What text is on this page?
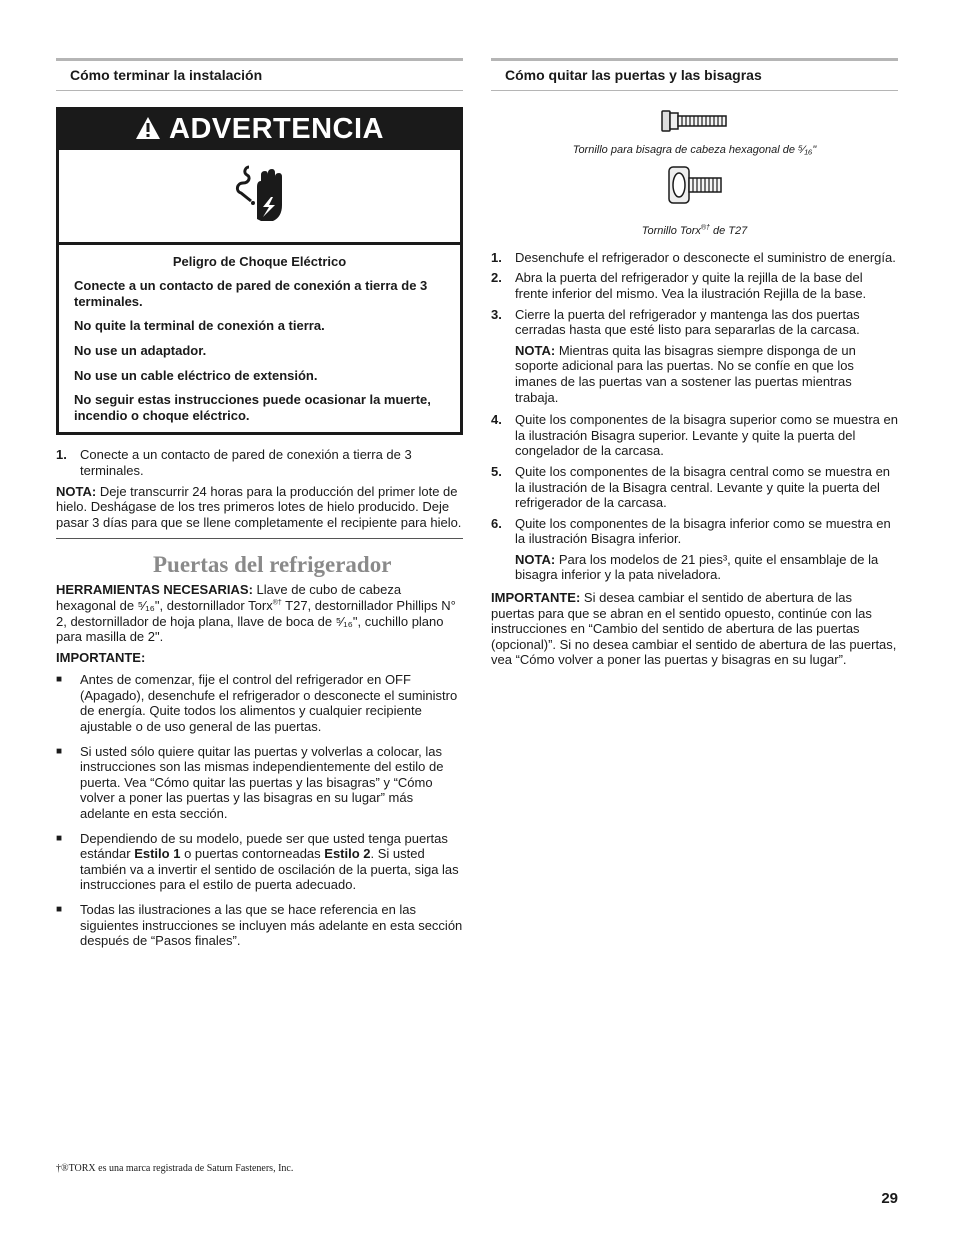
Cómo terminar la instalación
ADVERTENCIA

Peligro de Choque Eléctrico

Conecte a un contacto de pared de conexión a tierra de 3 terminales.

No quite la terminal de conexión a tierra.

No use un adaptador.

No use un cable eléctrico de extensión.

No seguir estas instrucciones puede ocasionar la muerte, incendio o choque eléctrico.

1.	Conecte a un contacto de pared de conexión a tierra de 3 terminales.

NOTA: Deje transcurrir 24 horas para la producción del primer lote de hielo. Deshágase de los tres primeros lotes de hielo producido. Deje pasar 3 días para que se llene completamente el recipiente para hielo.

Puertas del refrigerador

HERRAMIENTAS NECESARIAS: Llave de cubo de cabeza hexagonal de ⁵⁄₁₆", destornillador Torx®† T27, destornillador Phillips N° 2, destornillador de hoja plana, llave de boca de ⁵⁄₁₆", cuchillo plano para masilla de 2".

IMPORTANTE:

■	Antes de comenzar, fije el control del refrigerador en OFF (Apagado), desenchufe el refrigerador o desconecte el suministro de energía. Quite todos los alimentos y cualquier recipiente ajustable o de uso general de las puertas.
■	Si usted sólo quiere quitar las puertas y volverlas a colocar, las instrucciones son las mismas independientemente del estilo de puerta. Vea “Cómo quitar las puertas y las bisagras” y “Cómo volver a poner las puertas y las bisagras en su lugar” más adelante en esta sección.
■	Dependiendo de su modelo, puede ser que usted tenga puertas estándar Estilo 1 o puertas contorneadas Estilo 2. Si usted también va a invertir el sentido de oscilación de la puerta, siga las instrucciones para el estilo de puerta adecuado.
■	Todas las ilustraciones a las que se hace referencia en las siguientes instrucciones se incluyen más adelante en esta sección después de “Pasos finales”.
Cómo quitar las puertas y las bisagras
Tornillo para bisagra de cabeza hexagonal de ⁵⁄₁₆"
Tornillo Torx®† de T27
1.	Desenchufe el refrigerador o desconecte el suministro de energía.
2.	Abra la puerta del refrigerador y quite la rejilla de la base del frente inferior del mismo. Vea la ilustración Rejilla de la base.
3.	Cierre la puerta del refrigerador y mantenga las dos puertas cerradas hasta que esté listo para separarlas de la carcasa.

NOTA: Mientras quita las bisagras siempre disponga de un soporte adicional para las puertas. No se confíe en que los imanes de las puertas van a sostener las puertas mientras trabaja.

4.	Quite los componentes de la bisagra superior como se muestra en la ilustración Bisagra superior. Levante y quite la puerta del congelador de la carcasa.
5.	Quite los componentes de la bisagra central como se muestra en la ilustración de la Bisagra central. Levante y quite la puerta del refrigerador de la carcasa.
6.	Quite los componentes de la bisagra inferior como se muestra en la ilustración Bisagra inferior.

NOTA: Para los modelos de 21 pies³, quite el ensamblaje de la bisagra inferior y la pata niveladora.

IMPORTANTE: Si desea cambiar el sentido de abertura de las puertas para que se abran en el sentido opuesto, continúe con las instrucciones en “Cambio del sentido de abertura de las puertas (opcional)”. Si no desea cambiar el sentido de abertura de las puertas, vea “Cómo volver a poner las puertas y bisagras en su lugar”.

†®TORX es una marca registrada de Saturn Fasteners, Inc.
29
